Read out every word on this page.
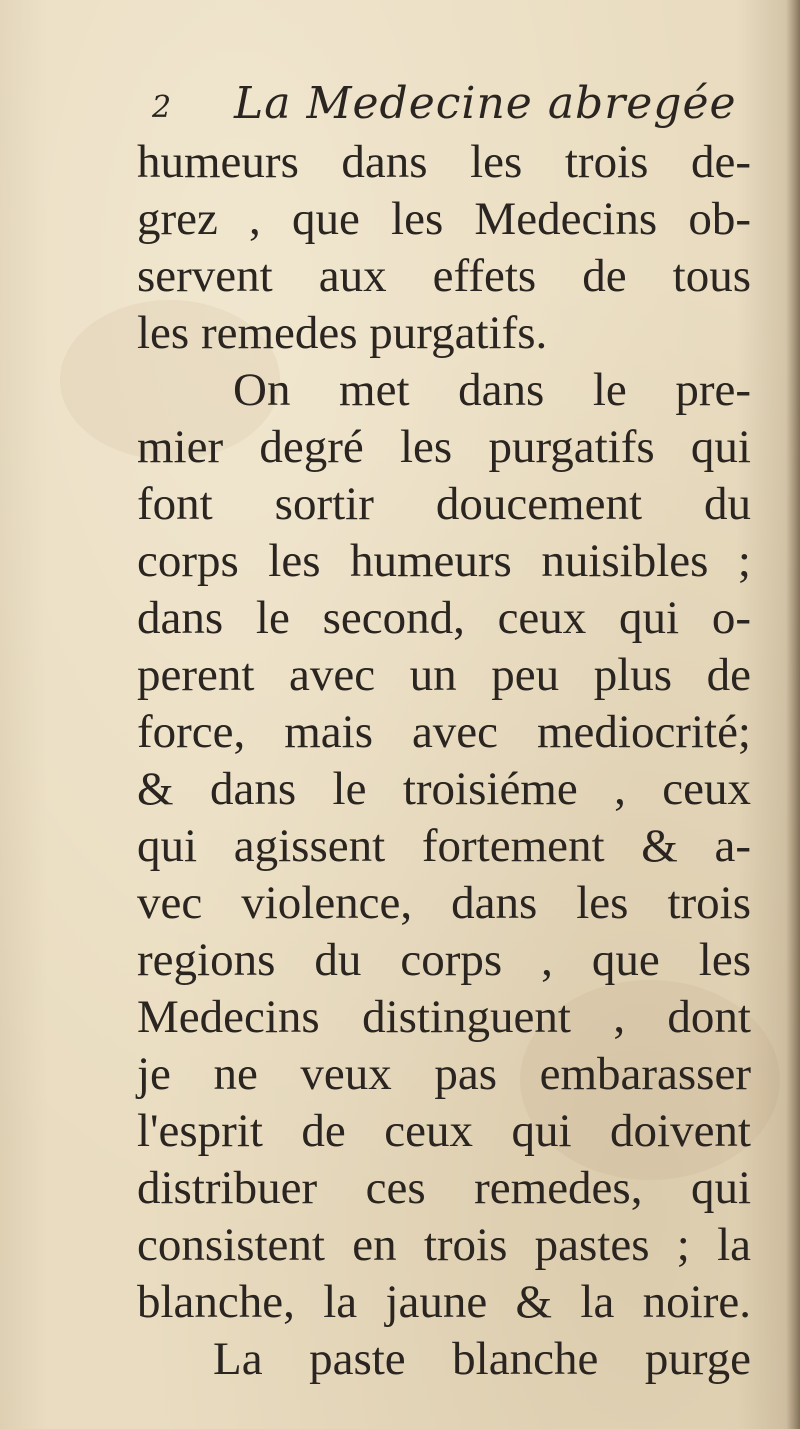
2 La Medecine abregée
humeurs dans les trois de-
grez , que les Medecins ob-
servent aux effets de tous
les remedes purgatifs.
On met dans le pre-
mier degré les purgatifs qui
font sortir doucement du
corps les humeurs nuisibles ;
dans le second, ceux qui o-
perent avec un peu plus de
force, mais avec mediocrité;
& dans le troisiéme , ceux
qui agissent fortement & a-
vec violence, dans les trois
regions du corps , que les
Medecins distinguent , dont
je ne veux pas embarasser
l'esprit de ceux qui doivent
distribuer ces remedes, qui
consistent en trois pastes ; la
blanche, la jaune & la noire.
La paste blanche purge
